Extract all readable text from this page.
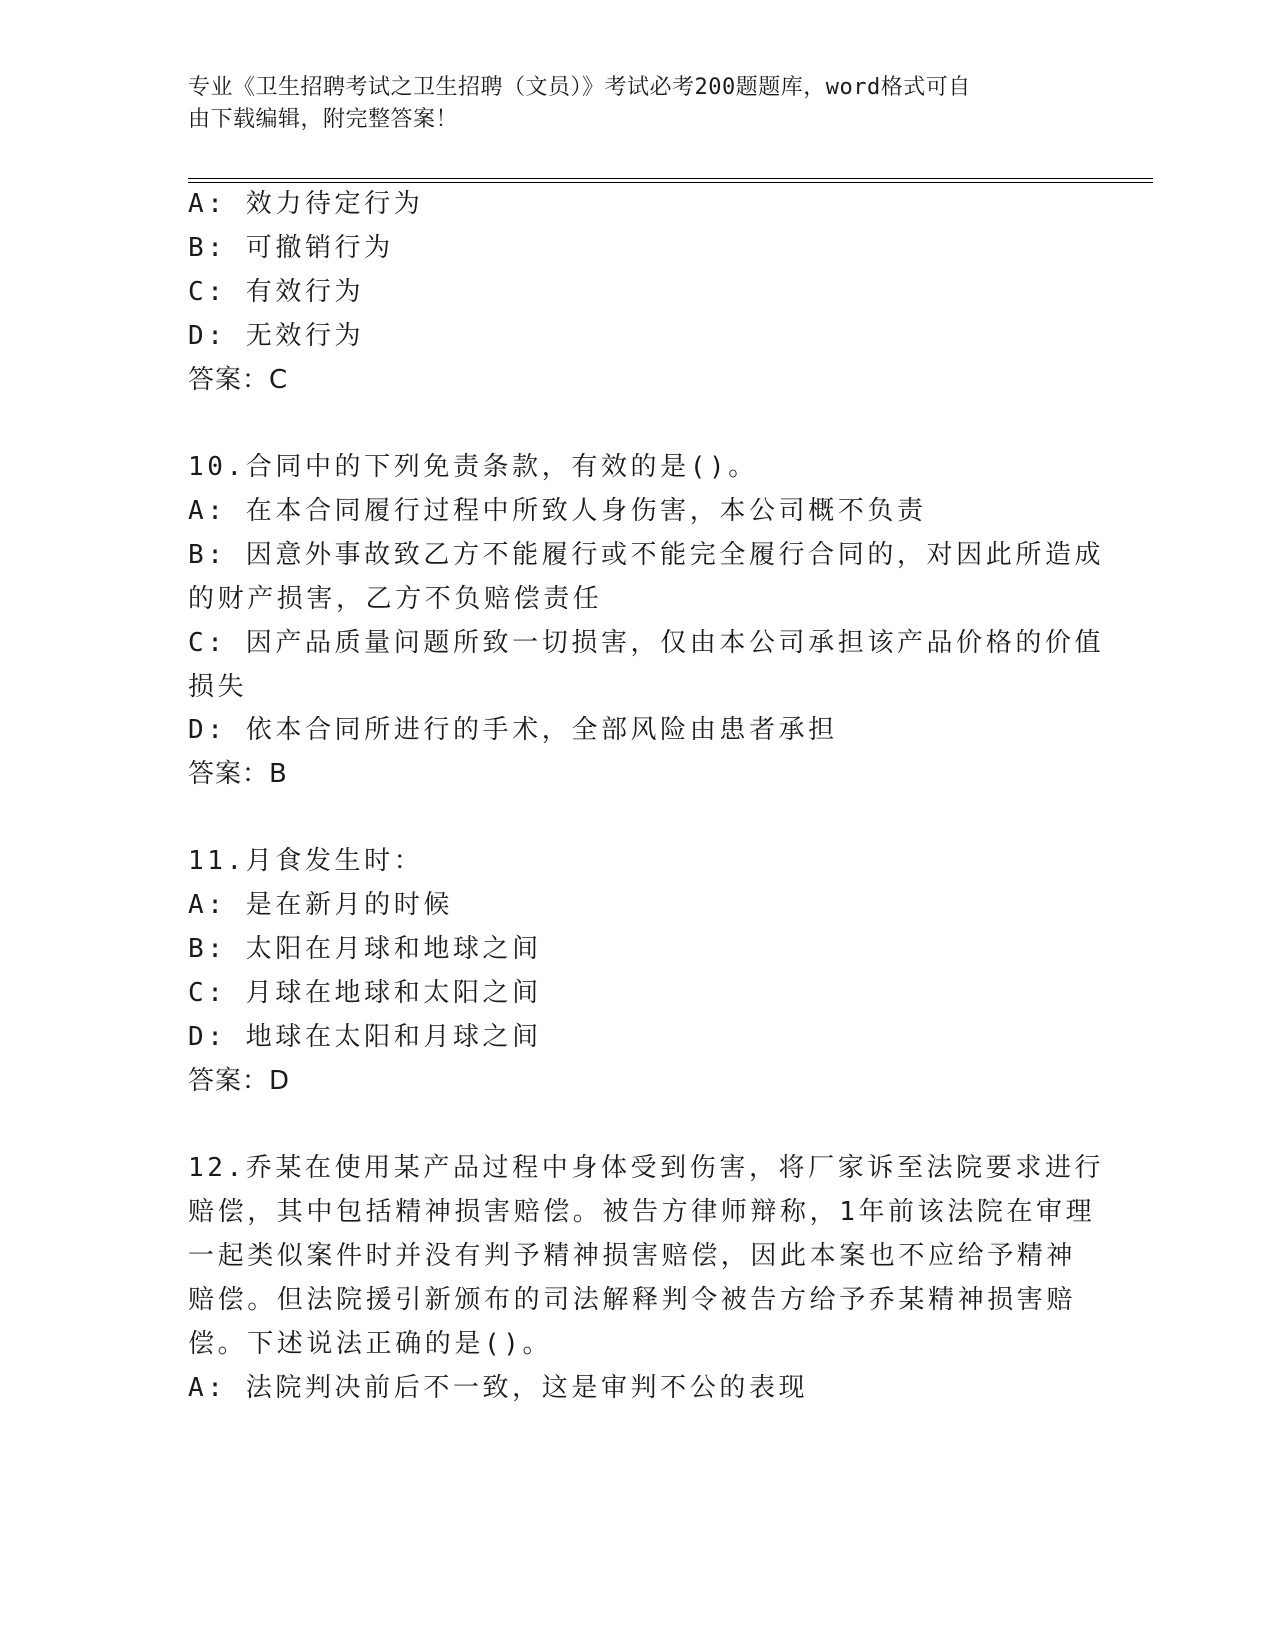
专业《卫生招聘考试之卫生招聘（文员）》考试必考200题题库，word格式可自
由下载编辑，附完整答案！
A: 效力待定行为
B: 可撤销行为
C: 有效行为
D: 无效行为
答案：C
10.合同中的下列免责条款，有效的是()。
A: 在本合同履行过程中所致人身伤害，本公司概不负责
B: 因意外事故致乙方不能履行或不能完全履行合同的，对因此所造成
的财产损害，乙方不负赔偿责任
C: 因产品质量问题所致一切损害，仅由本公司承担该产品价格的价值
损失
D: 依本合同所进行的手术，全部风险由患者承担
答案：B
11.月食发生时：
A: 是在新月的时候
B: 太阳在月球和地球之间
C: 月球在地球和太阳之间
D: 地球在太阳和月球之间
答案：D
12.乔某在使用某产品过程中身体受到伤害，将厂家诉至法院要求进行
赔偿，其中包括精神损害赔偿。被告方律师辩称，1年前该法院在审理
一起类似案件时并没有判予精神损害赔偿，因此本案也不应给予精神
赔偿。但法院援引新颁布的司法解释判令被告方给予乔某精神损害赔
偿。下述说法正确的是()。
A: 法院判决前后不一致，这是审判不公的表现
